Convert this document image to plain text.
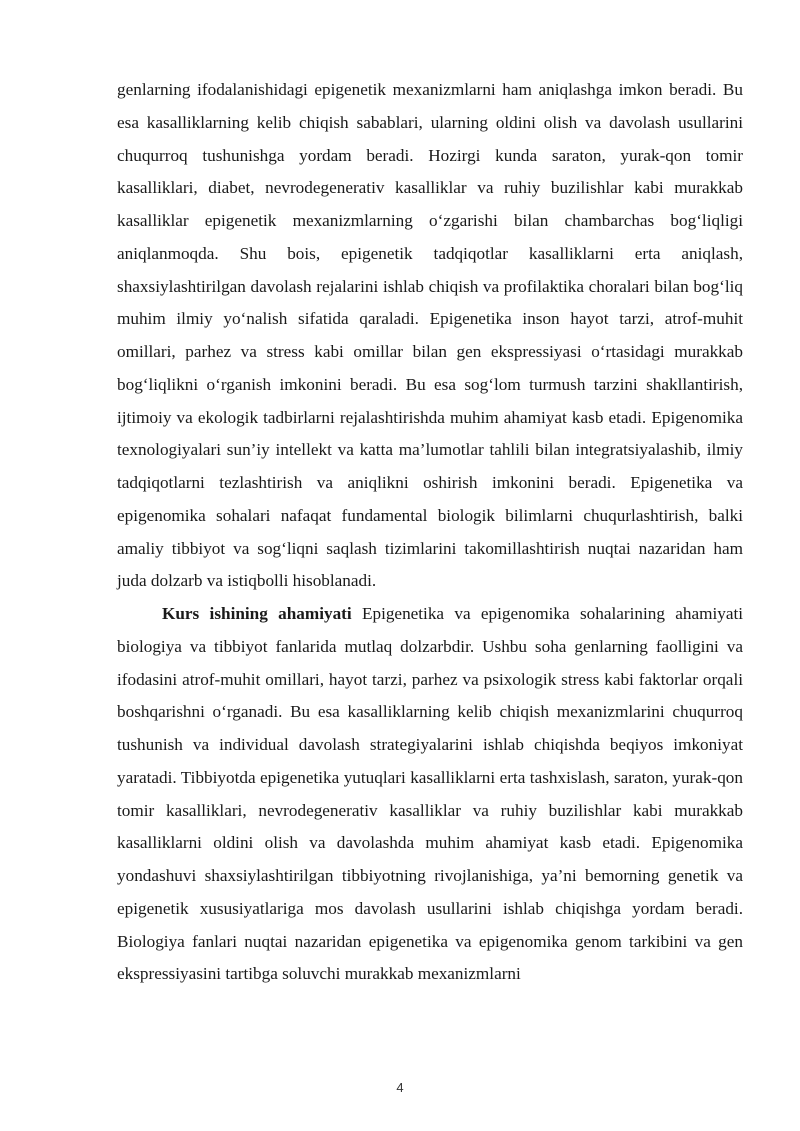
genlarning ifodalanishidagi epigenetik mexanizmlarni ham aniqlashga imkon beradi. Bu esa kasalliklarning kelib chiqish sabablari, ularning oldini olish va davolash usullarini chuqurroq tushunishga yordam beradi. Hozirgi kunda saraton, yurak-qon tomir kasalliklari, diabet, nevrodegenerativ kasalliklar va ruhiy buzilishlar kabi murakkab kasalliklar epigenetik mexanizmlarning o‘zgarishi bilan chambarchas bog‘liqligi aniqlanmoqda. Shu bois, epigenetik tadqiqotlar kasalliklarni erta aniqlash, shaxsiylashtirilgan davolash rejalarini ishlab chiqish va profilaktika choralari bilan bog‘liq muhim ilmiy yo‘nalish sifatida qaraladi. Epigenetika inson hayot tarzi, atrof-muhit omillari, parhez va stress kabi omillar bilan gen ekspressiyasi o‘rtasidagi murakkab bog‘liqlikni o‘rganish imkonini beradi. Bu esa sog‘lom turmush tarzini shakllantirish, ijtimoiy va ekologik tadbirlarni rejalashtirishda muhim ahamiyat kasb etadi. Epigenomika texnologiyalari sun’iy intellekt va katta ma’lumotlar tahlili bilan integratsiyalashib, ilmiy tadqiqotlarni tezlashtirish va aniqlikni oshirish imkonini beradi. Epigenetika va epigenomika sohalari nafaqat fundamental biologik bilimlarni chuqurlashtirish, balki amaliy tibbiyot va sog‘liqni saqlash tizimlarini takomillashtirish nuqtai nazaridan ham juda dolzarb va istiqbolli hisoblanadi.

Kurs ishining ahamiyati Epigenetika va epigenomika sohalarining ahamiyati biologiya va tibbiyot fanlarida mutlaq dolzarbdir. Ushbu soha genlarning faolligini va ifodasini atrof-muhit omillari, hayot tarzi, parhez va psixologik stress kabi faktorlar orqali boshqarishni o‘rganadi. Bu esa kasalliklarning kelib chiqish mexanizmlarini chuqurroq tushunish va individual davolash strategiyalarini ishlab chiqishda beqiyos imkoniyat yaratadi. Tibbiyotda epigenetika yutuqlari kasalliklarni erta tashxislash, saraton, yurak-qon tomir kasalliklari, nevrodegenerativ kasalliklar va ruhiy buzilishlar kabi murakkab kasalliklarni oldini olish va davolashda muhim ahamiyat kasb etadi. Epigenomika yondashuvi shaxsiylashtirilgan tibbiyotning rivojlanishiga, ya’ni bemorning genetik va epigenetik xususiyatlariga mos davolash usullarini ishlab chiqishga yordam beradi. Biologiya fanlari nuqtai nazaridan epigenetika va epigenomika genom tarkibini va gen ekspressiyasini tartibga soluvchi murakkab mexanizmlarni

4
